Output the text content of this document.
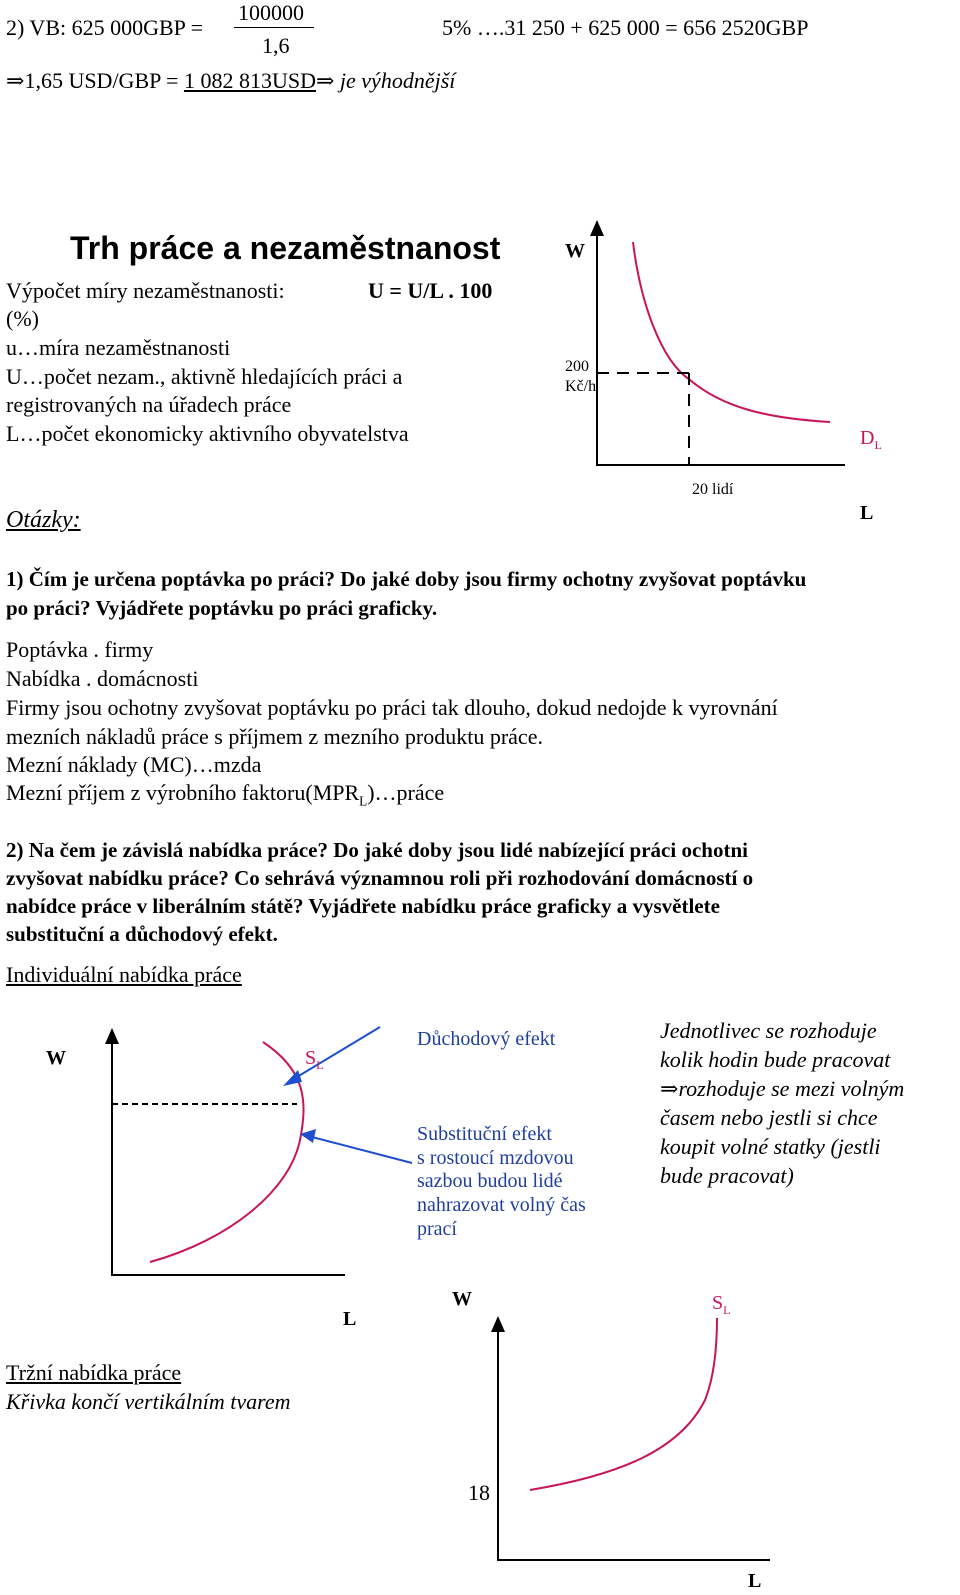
2) VB: 625 000GBP =
100000
1,6
5% ….31 250 + 625 000 = 656 2520GBP
⇒1,65 USD/GBP = 1 082 813USD⇒ je výhodnější
Trh práce a nezaměstnanost
Výpočet míry nezaměstnanosti:	U = U/L . 100
(%)
u…míra nezaměstnanosti
U…počet nezam., aktivně hledajících práci a
registrovaných na úřadech práce
L…počet ekonomicky aktivního obyvatelstva
Otázky:
W
200
Kč/h
$D_L$
20 lidí
L
1) Čím je určena poptávka po práci? Do jaké doby jsou firmy ochotny zvyšovat poptávku
po práci? Vyjádřete poptávku po práci graficky.
Poptávka . firmy
Nabídka . domácnosti
Firmy jsou ochotny zvyšovat poptávku po práci tak dlouho, dokud nedojde k vyrovnání
mezních nákladů práce s příjmem z mezního produktu práce.
Mezní náklady (MC)…mzda
Mezní příjem z výrobního $faktoru(MPR_L)\dots práce$
2) Na čem je závislá nabídka práce? Do jaké doby jsou lidé nabízející práci ochotni
zvyšovat nabídku práce? Co sehrává významnou roli při rozhodování domácností o
nabídce práce v liberálním státě? Vyjádřete nabídku práce graficky a vysvětlete
substituční a důchodový efekt.
Individuální nabídka práce
W	$S_L$
L
Důchodový efekt
Substituční efekt
s rostoucí mzdovou
sazbou budou lidé
nahrazovat volný čas
prací
Jednotlivec se rozhoduje
kolik hodin bude pracovat
⇒rozhoduje se mezi volným
časem nebo jestli si chce
koupit volné statky (jestli
bude pracovat)
Tržní nabídka práce
Křivka končí vertikálním tvarem
W	$S_L$
L
18
